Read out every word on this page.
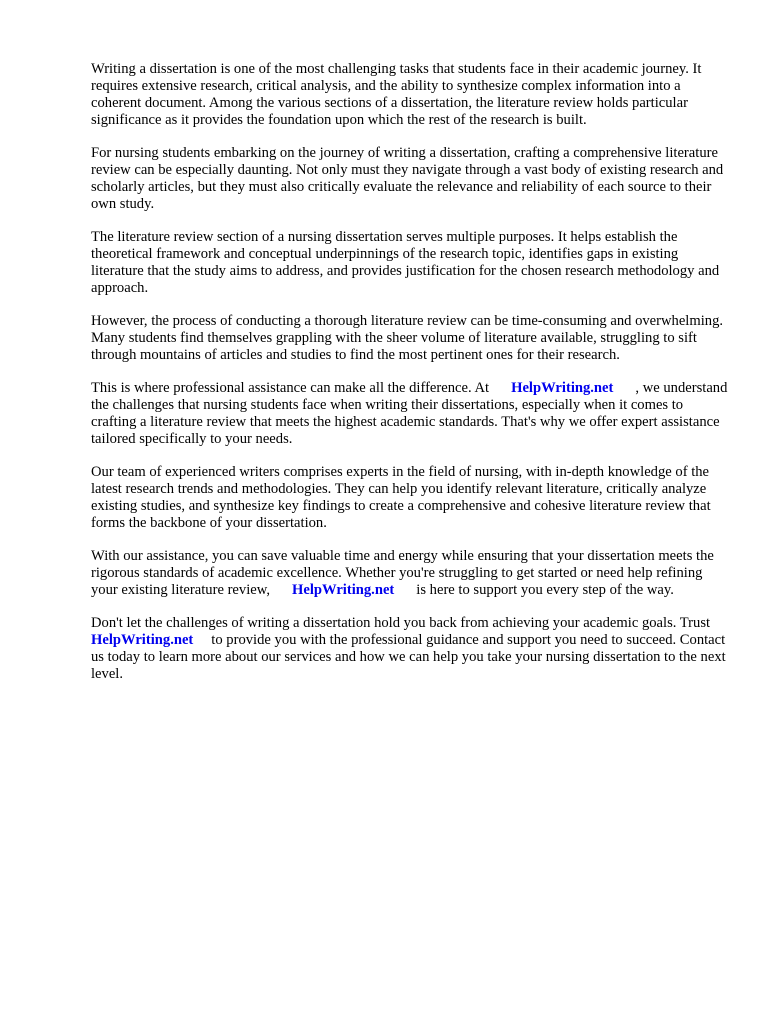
Writing a dissertation is one of the most challenging tasks that students face in their academic journey. It requires extensive research, critical analysis, and the ability to synthesize complex information into a coherent document. Among the various sections of a dissertation, the literature review holds particular significance as it provides the foundation upon which the rest of the research is built.

For nursing students embarking on the journey of writing a dissertation, crafting a comprehensive literature review can be especially daunting. Not only must they navigate through a vast body of existing research and scholarly articles, but they must also critically evaluate the relevance and reliability of each source to their own study.

The literature review section of a nursing dissertation serves multiple purposes. It helps establish the theoretical framework and conceptual underpinnings of the research topic, identifies gaps in existing literature that the study aims to address, and provides justification for the chosen research methodology and approach.

However, the process of conducting a thorough literature review can be time-consuming and overwhelming. Many students find themselves grappling with the sheer volume of literature available, struggling to sift through mountains of articles and studies to find the most pertinent ones for their research.

This is where professional assistance can make all the difference. At HelpWriting.net , we understand the challenges that nursing students face when writing their dissertations, especially when it comes to crafting a literature review that meets the highest academic standards. That's why we offer expert assistance tailored specifically to your needs.

Our team of experienced writers comprises experts in the field of nursing, with in-depth knowledge of the latest research trends and methodologies. They can help you identify relevant literature, critically analyze existing studies, and synthesize key findings to create a comprehensive and cohesive literature review that forms the backbone of your dissertation.

With our assistance, you can save valuable time and energy while ensuring that your dissertation meets the rigorous standards of academic excellence. Whether you're struggling to get started or need help refining your existing literature review, HelpWriting.net is here to support you every step of the way.

Don't let the challenges of writing a dissertation hold you back from achieving your academic goals. TrustHelpWriting.net to provide you with the professional guidance and support you need to succeed. Contact us today to learn more about our services and how we can help you take your nursing dissertation to the next level.
